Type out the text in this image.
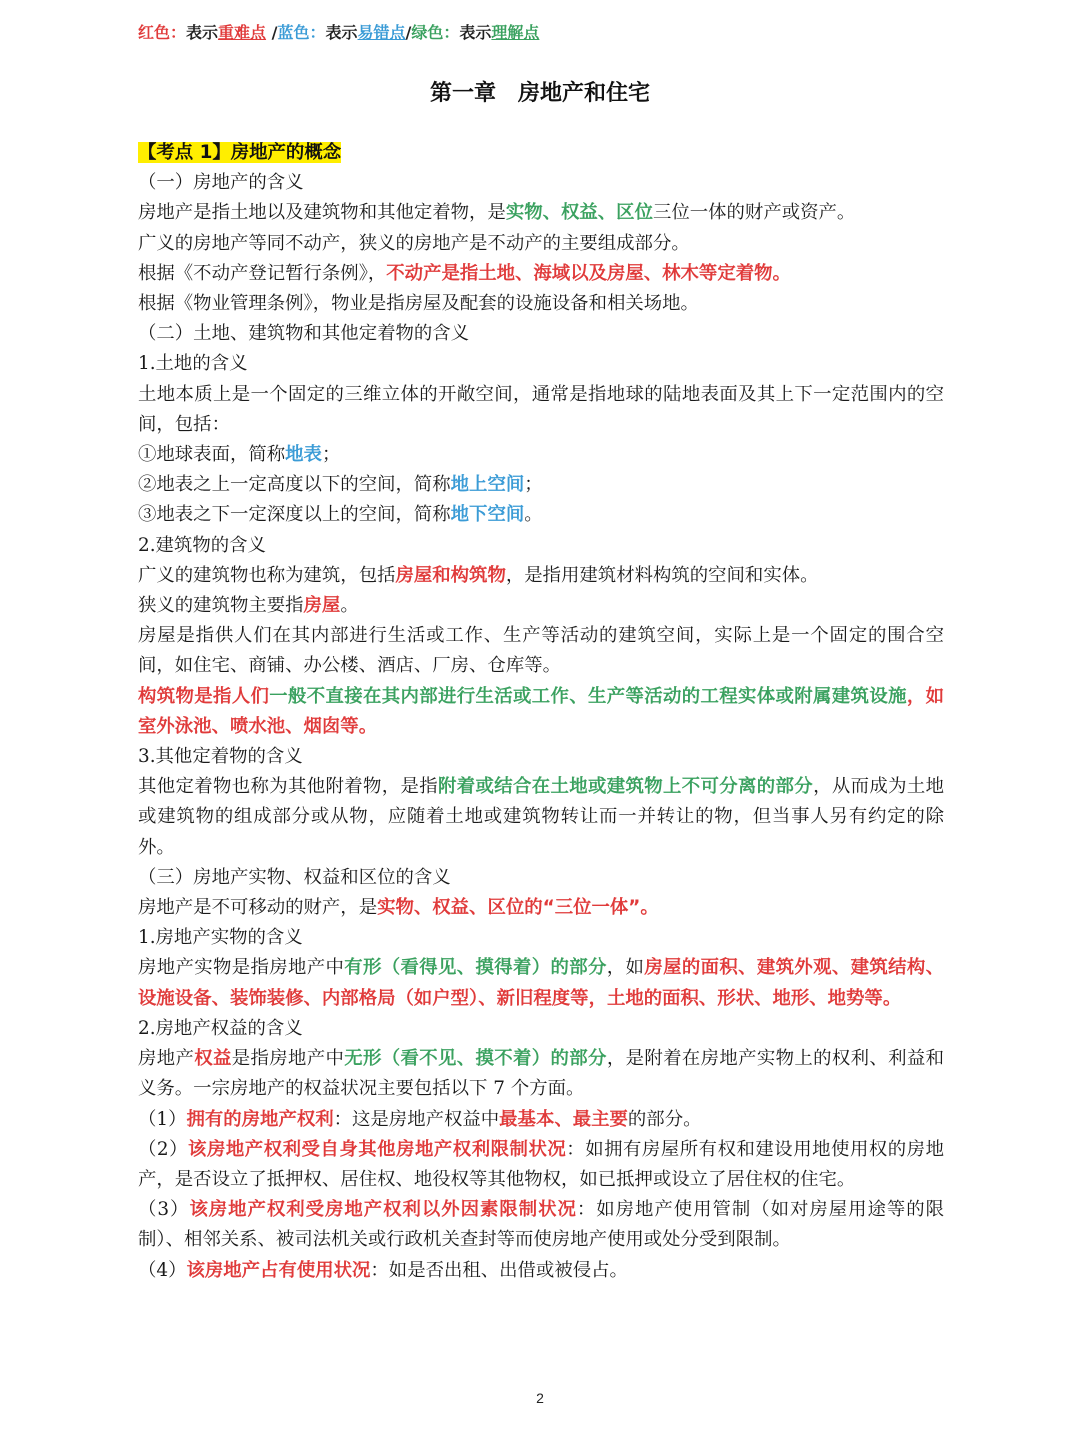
红色：表示重难点 /蓝色：表示易错点/绿色：表示理解点
第一章　房地产和住宅

【考点 1】房地产的概念

（一）房地产的含义

房地产是指土地以及建筑物和其他定着物，是实物、权益、区位三位一体的财产或资产。

广义的房地产等同不动产，狭义的房地产是不动产的主要组成部分。

根据《不动产登记暂行条例》，不动产是指土地、海域以及房屋、林木等定着物。

根据《物业管理条例》，物业是指房屋及配套的设施设备和相关场地。

（二）土地、建筑物和其他定着物的含义

1.土地的含义

土地本质上是一个固定的三维立体的开敞空间，通常是指地球的陆地表面及其上下一定范围内的空间，包括：

①地球表面，简称地表；

②地表之上一定高度以下的空间，简称地上空间；

③地表之下一定深度以上的空间，简称地下空间。

2.建筑物的含义

广义的建筑物也称为建筑，包括房屋和构筑物，是指用建筑材料构筑的空间和实体。

狭义的建筑物主要指房屋。

房屋是指供人们在其内部进行生活或工作、生产等活动的建筑空间，实际上是一个固定的围合空间，如住宅、商铺、办公楼、酒店、厂房、仓库等。

构筑物是指人们一般不直接在其内部进行生活或工作、生产等活动的工程实体或附属建筑设施，如室外泳池、喷水池、烟囱等。

3.其他定着物的含义

其他定着物也称为其他附着物，是指附着或结合在土地或建筑物上不可分离的部分，从而成为土地或建筑物的组成部分或从物，应随着土地或建筑物转让而一并转让的物，但当事人另有约定的除外。

（三）房地产实物、权益和区位的含义

房地产是不可移动的财产，是实物、权益、区位的“三位一体”。

1.房地产实物的含义

房地产实物是指房地产中有形（看得见、摸得着）的部分，如房屋的面积、建筑外观、建筑结构、设施设备、装饰装修、内部格局（如户型）、新旧程度等，土地的面积、形状、地形、地势等。

2.房地产权益的含义

房地产权益是指房地产中无形（看不见、摸不着）的部分，是附着在房地产实物上的权利、利益和义务。一宗房地产的权益状况主要包括以下 7 个方面。

（1）拥有的房地产权利：这是房地产权益中最基本、最主要的部分。

（2）该房地产权利受自身其他房地产权利限制状况：如拥有房屋所有权和建设用地使用权的房地产，是否设立了抵押权、居住权、地役权等其他物权，如已抵押或设立了居住权的住宅。

（3）该房地产权利受房地产权利以外因素限制状况：如房地产使用管制（如对房屋用途等的限制）、相邻关系、被司法机关或行政机关查封等而使房地产使用或处分受到限制。

（4）该房地产占有使用状况：如是否出租、出借或被侵占。

2
